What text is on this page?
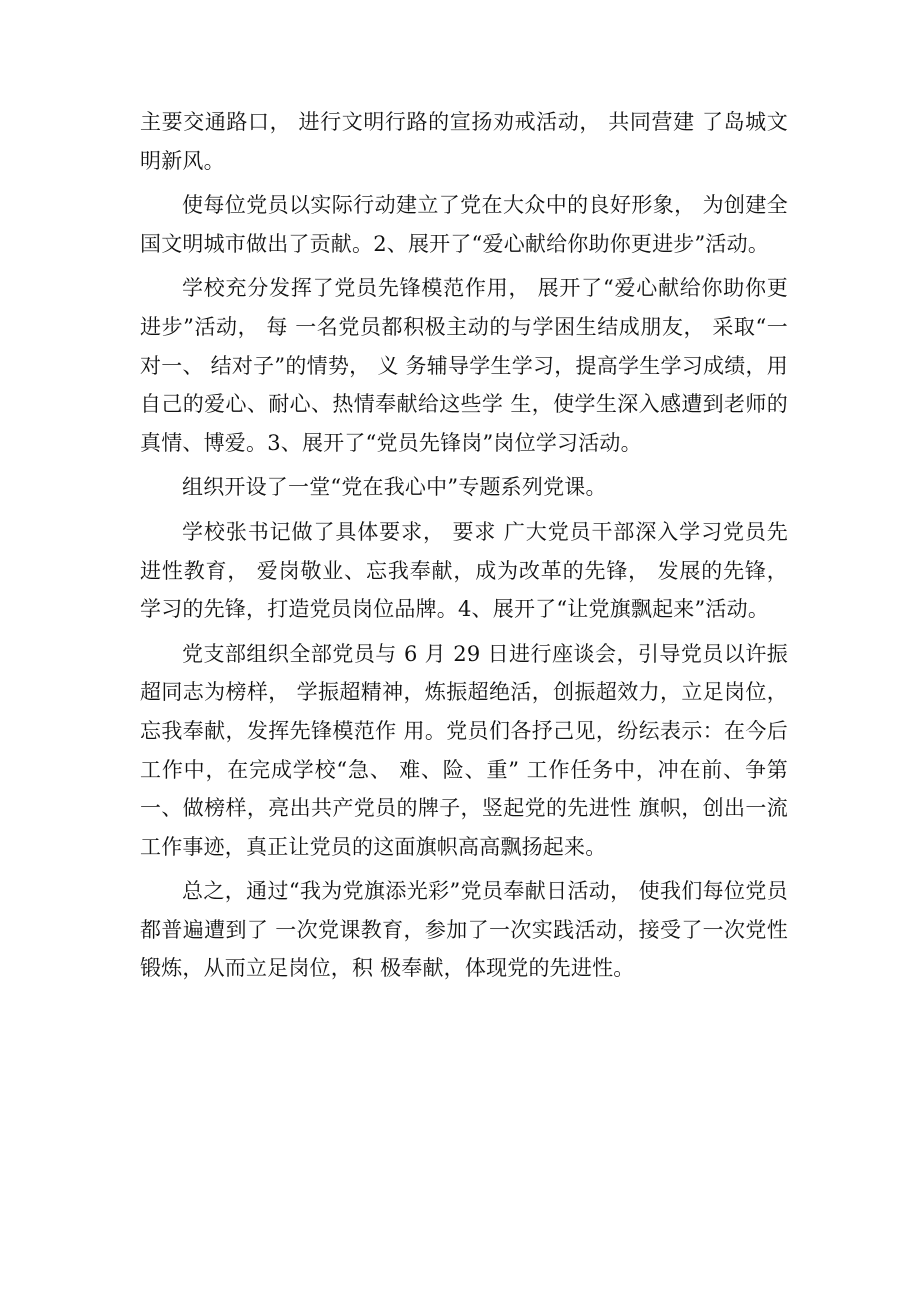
主要交通路口， 进行文明行路的宣扬劝戒活动， 共同营建 了岛城文明新风。

使每位党员以实际行动建立了党在大众中的良好形象， 为创建全国文明城市做出了贡献。2、展开了“爱心献给你助你更进步”活动。

学校充分发挥了党员先锋模范作用， 展开了“爱心献给你助你更进步”活动， 每 一名党员都积极主动的与学困生结成朋友， 采取“一对一、 结对子”的情势， 义 务辅导学生学习，提高学生学习成绩，用自己的爱心、耐心、热情奉献给这些学 生，使学生深入感遭到老师的真情、博爱。3、展开了“党员先锋岗”岗位学习活动。

组织开设了一堂“党在我心中”专题系列党课。

学校张书记做了具体要求， 要求 广大党员干部深入学习党员先进性教育， 爱岗敬业、忘我奉献，成为改革的先锋， 发展的先锋，学习的先锋，打造党员岗位品牌。4、展开了“让党旗飘起来”活动。

党支部组织全部党员与 6 月 29 日进行座谈会，引导党员以许振超同志为榜样， 学振超精神，炼振超绝活，创振超效力，立足岗位，忘我奉献，发挥先锋模范作 用。党员们各抒己见，纷纭表示：在今后工作中，在完成学校“急、 难、险、重” 工作任务中，冲在前、争第一、做榜样，亮出共产党员的牌子，竖起党的先进性 旗帜，创出一流工作事迹，真正让党员的这面旗帜高高飘扬起来。

总之，通过“我为党旗添光彩”党员奉献日活动， 使我们每位党员都普遍遭到了 一次党课教育，参加了一次实践活动，接受了一次党性锻炼，从而立足岗位，积 极奉献，体现党的先进性。
